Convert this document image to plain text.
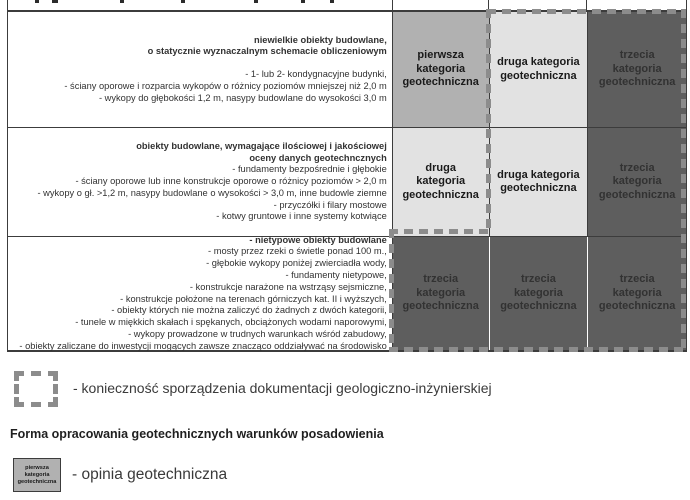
niewielkie obiekty budowlane,
o statycznie wyznaczalnym schemacie obliczeniowym
- 1- lub 2- kondygnacyjne budynki,
- ściany oporowe i rozparcia wykopów o różnicy poziomów mniejszej niż 2,0 m
- wykopy do głębokości 1,2 m, nasypy budowlane do wysokości 3,0 m
pierwsza kategoria geotechniczna
druga kategoria geotechniczna
trzecia kategoria geotechniczna
obiekty budowlane, wymagające ilościowej i jakościowej
oceny danych geotechncznych
- fundamenty bezpośrednie i głębokie
- ściany oporowe lub inne konstrukcje oporowe o różnicy poziomów > 2,0 m
- wykopy o gł. >1,2 m, nasypy budowlane o wysokości > 3,0 m, inne budowle ziemne
- przyczółki i filary mostowe
- kotwy gruntowe i inne systemy kotwiące
druga kategoria geotechniczna
druga kategoria geotechniczna
trzecia kategoria geotechniczna
- nietypowe obiekty budowlane
- mosty przez rzeki o świetle ponad 100 m.,
- głębokie wykopy poniżej zwierciadła wody,
- fundamenty nietypowe,
- konstrukcje narażone na wstrząsy sejsmiczne,
- konstrukcje położone na terenach górniczych kat. II i wyższych,
- obiekty których nie można zaliczyć do żadnych z dwóch kategorii,
- tunele w miękkich skałach i spękanych, obciążonych wodami naporowymi,
- wykopy prowadzone w trudnych warunkach wśród zabudowy,
- obiekty zaliczane do inwestycji mogących zawsze znacząco oddziaływać na środowisko
trzecia kategoria geotechniczna
trzecia kategoria geotechniczna
trzecia kategoria geotechniczna
- konieczność sporządzenia dokumentacji geologiczno-inżynierskiej
Forma opracowania geotechnicznych warunków posadowienia
pierwsza kategoria geotechniczna - opinia geotechniczna
